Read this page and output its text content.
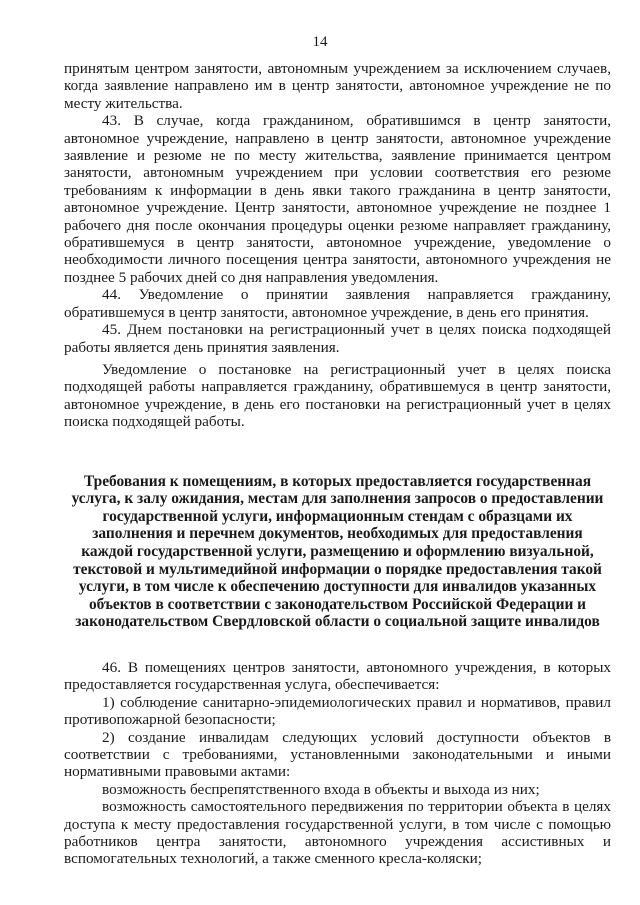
14

принятым центром занятости, автономным учреждением за исключением случаев, когда заявление направлено им в центр занятости, автономное учреждение не по месту жительства.

43. В случае, когда гражданином, обратившимся в центр занятости, автономное учреждение, направлено в центр занятости, автономное учреждение заявление и резюме не по месту жительства, заявление принимается центром занятости, автономным учреждением при условии соответствия его резюме требованиям к информации в день явки такого гражданина в центр занятости, автономное учреждение. Центр занятости, автономное учреждение не позднее 1 рабочего дня после окончания процедуры оценки резюме направляет гражданину, обратившемуся в центр занятости, автономное учреждение, уведомление о необходимости личного посещения центра занятости, автономного учреждения не позднее 5 рабочих дней со дня направления уведомления.

44. Уведомление о принятии заявления направляется гражданину, обратившемуся в центр занятости, автономное учреждение, в день его принятия.

45. Днем постановки на регистрационный учет в целях поиска подходящей работы является день принятия заявления.

Уведомление о постановке на регистрационный учет в целях поиска подходящей работы направляется гражданину, обратившемуся в центр занятости, автономное учреждение, в день его постановки на регистрационный учет в целях поиска подходящей работы.

Требования к помещениям, в которых предоставляется государственная услуга, к залу ожидания, местам для заполнения запросов о предоставлении государственной услуги, информационным стендам с образцами их заполнения и перечнем документов, необходимых для предоставления каждой государственной услуги, размещению и оформлению визуальной, текстовой и мультимедийной информации о порядке предоставления такой услуги, в том числе к обеспечению доступности для инвалидов указанных объектов в соответствии с законодательством Российской Федерации и законодательством Свердловской области о социальной защите инвалидов

46. В помещениях центров занятости, автономного учреждения, в которых предоставляется государственная услуга, обеспечивается:

1) соблюдение санитарно-эпидемиологических правил и нормативов, правил противопожарной безопасности;

2) создание инвалидам следующих условий доступности объектов в соответствии с требованиями, установленными законодательными и иными нормативными правовыми актами:

возможность беспрепятственного входа в объекты и выхода из них;

возможность самостоятельного передвижения по территории объекта в целях доступа к месту предоставления государственной услуги, в том числе с помощью работников центра занятости, автономного учреждения ассистивных и вспомогательных технологий, а также сменного кресла-коляски;
